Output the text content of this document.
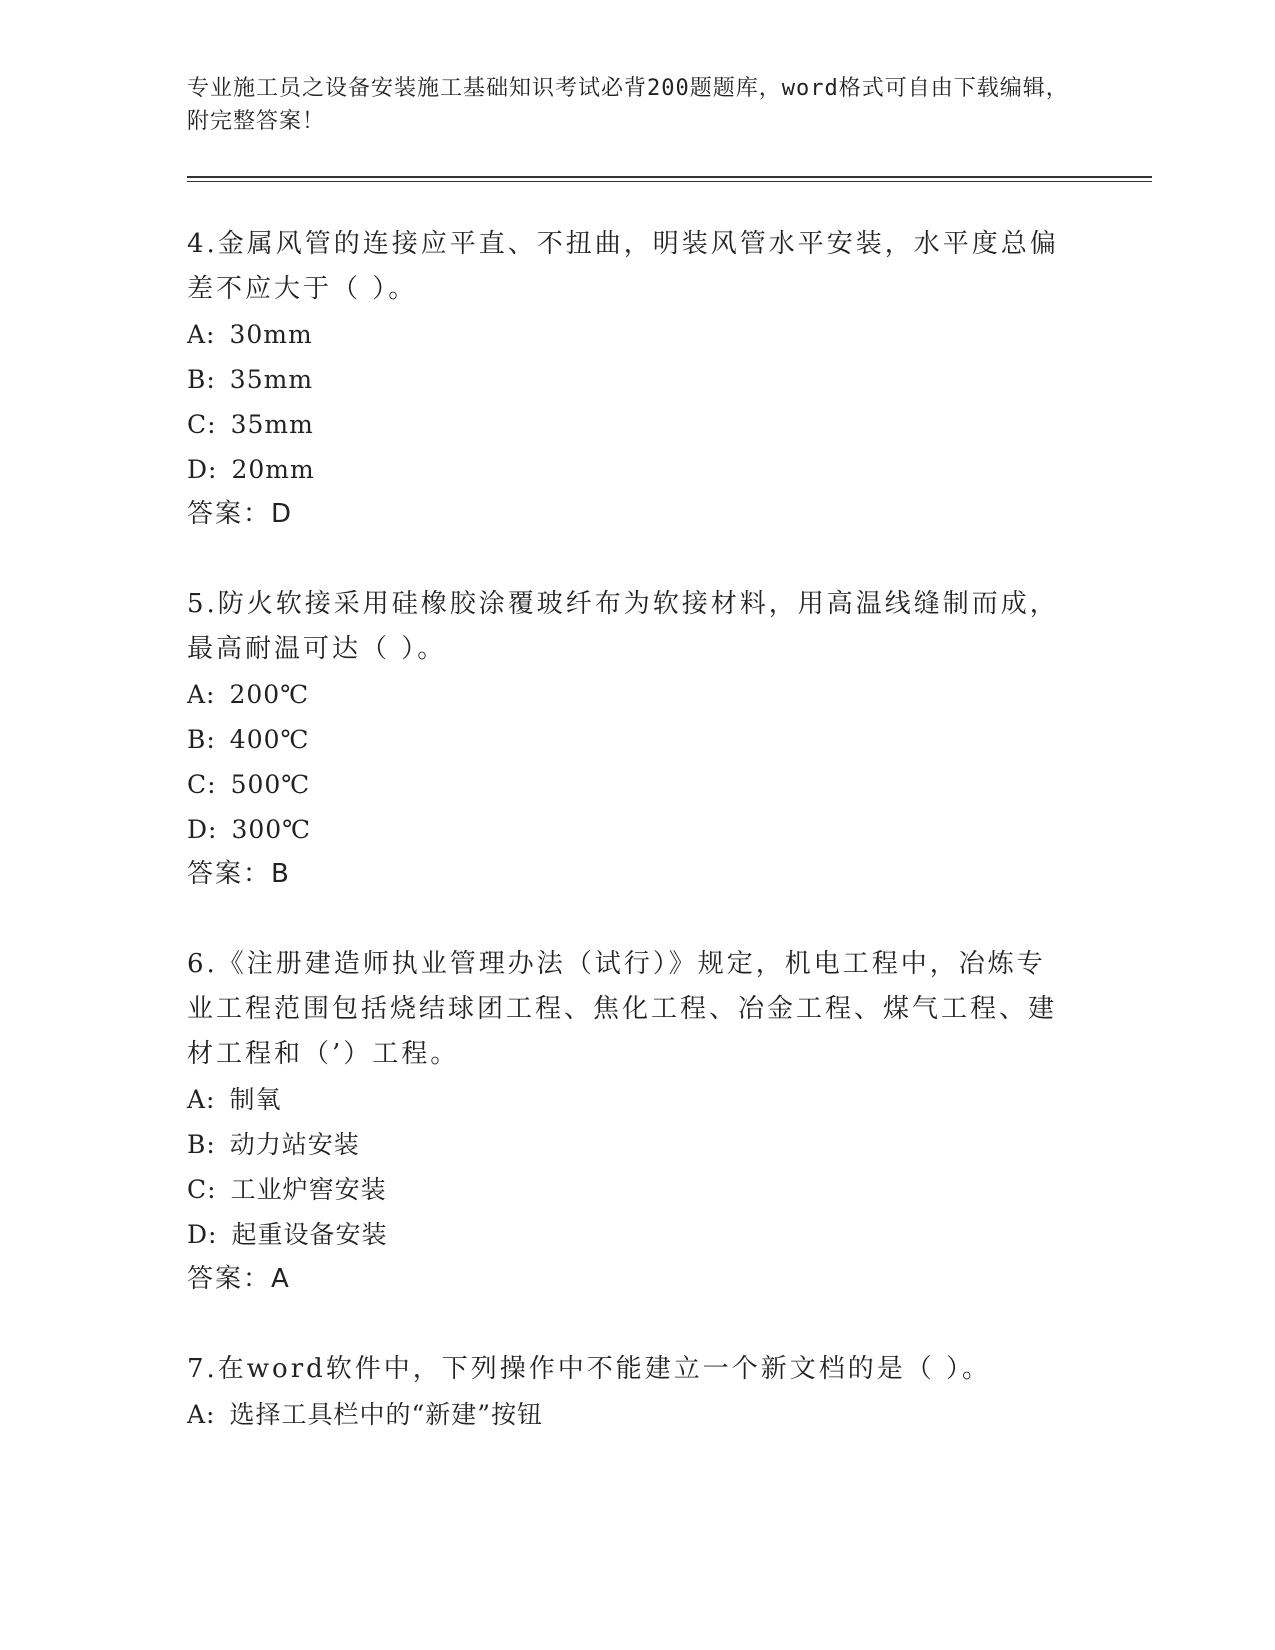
专业施工员之设备安装施工基础知识考试必背200题题库，word格式可自由下载编辑，附完整答案！
4.金属风管的连接应平直、不扭曲，明装风管水平安装，水平度总偏差不应大于（ ）。
A: 30mm
B: 35mm
C: 35mm
D: 20mm
答案：D
5.防火软接采用硅橡胶涂覆玻纤布为软接材料，用高温线缝制而成，最高耐温可达（ ）。
A: 200℃
B: 400℃
C: 500℃
D: 300℃
答案：B
6.《注册建造师执业管理办法（试行）》规定，机电工程中，冶炼专业工程范围包括烧结球团工程、焦化工程、冶金工程、煤气工程、建材工程和（’）工程。
A: 制氧
B: 动力站安装
C: 工业炉窖安装
D: 起重设备安装
答案：A
7.在word软件中，下列操作中不能建立一个新文档的是（ ）。
A: 选择工具栏中的“新建”按钮
